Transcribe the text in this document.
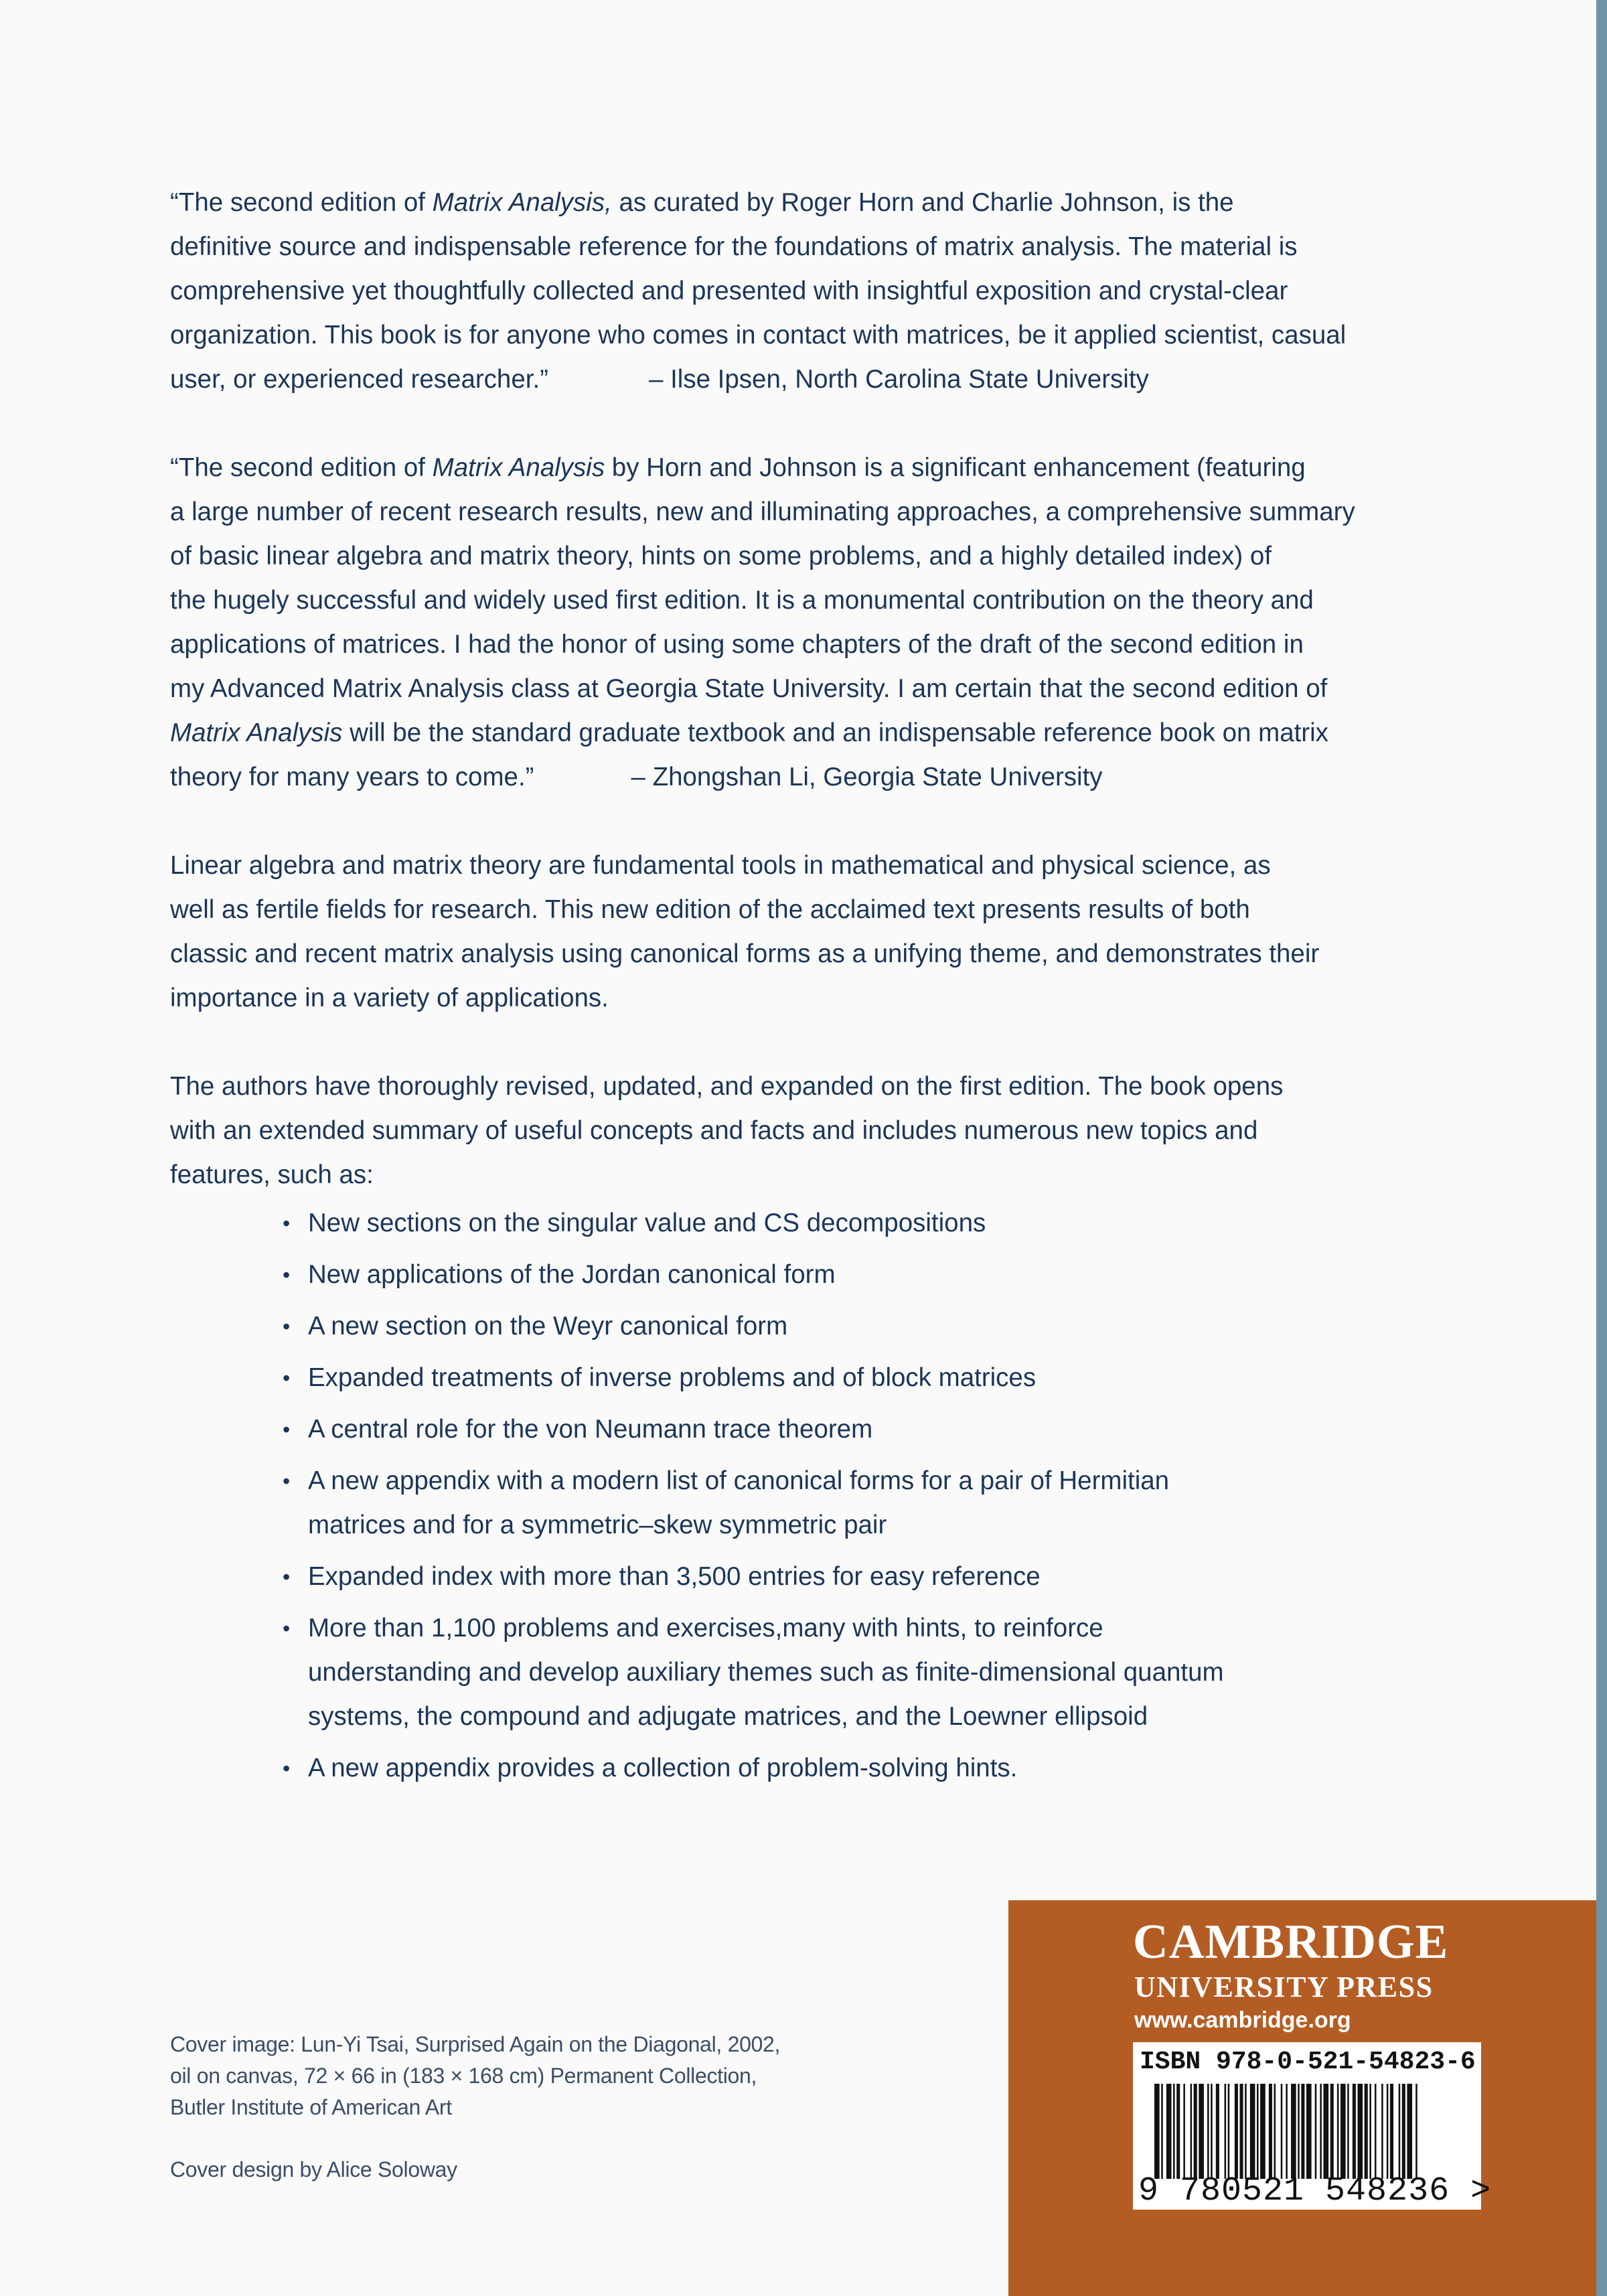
“The second edition of Matrix Analysis, as curated by Roger Horn and Charlie Johnson, is the
definitive source and indispensable reference for the foundations of matrix analysis. The material is
comprehensive yet thoughtfully collected and presented with insightful exposition and crystal-clear
organization. This book is for anyone who comes in contact with matrices, be it applied scientist, casual
user, or experienced researcher.”	– Ilse Ipsen, North Carolina State University
“The second edition of Matrix Analysis by Horn and Johnson is a significant enhancement (featuring
a large number of recent research results, new and illuminating approaches, a comprehensive summary
of basic linear algebra and matrix theory, hints on some problems, and a highly detailed index) of
the hugely successful and widely used first edition. It is a monumental contribution on the theory and
applications of matrices. I had the honor of using some chapters of the draft of the second edition in
my Advanced Matrix Analysis class at Georgia State University. I am certain that the second edition of
Matrix Analysis will be the standard graduate textbook and an indispensable reference book on matrix
theory for many years to come.”	– Zhongshan Li, Georgia State University
Linear algebra and matrix theory are fundamental tools in mathematical and physical science, as
well as fertile fields for research. This new edition of the acclaimed text presents results of both
classic and recent matrix analysis using canonical forms as a unifying theme, and demonstrates their
importance in a variety of applications.
The authors have thoroughly revised, updated, and expanded on the first edition. The book opens
with an extended summary of useful concepts and facts and includes numerous new topics and
features, such as:
• New sections on the singular value and CS decompositions
• New applications of the Jordan canonical form
• A new section on the Weyr canonical form
• Expanded treatments of inverse problems and of block matrices
• A central role for the von Neumann trace theorem
• A new appendix with a modern list of canonical forms for a pair of Hermitian
matrices and for a symmetric–skew symmetric pair
• Expanded index with more than 3,500 entries for easy reference
• More than 1,100 problems and exercises,many with hints, to reinforce
understanding and develop auxiliary themes such as finite-dimensional quantum
systems, the compound and adjugate matrices, and the Loewner ellipsoid
• A new appendix provides a collection of problem-solving hints.
Cover image: Lun-Yi Tsai, Surprised Again on the Diagonal, 2002,
oil on canvas, 72 × 66 in (183 × 168 cm) Permanent Collection,
Butler Institute of American Art
Cover design by Alice Soloway
CAMBRIDGE
UNIVERSITY PRESS
www.cambridge.org
ISBN 978-0-521-54823-6
9 780521 548236 >
